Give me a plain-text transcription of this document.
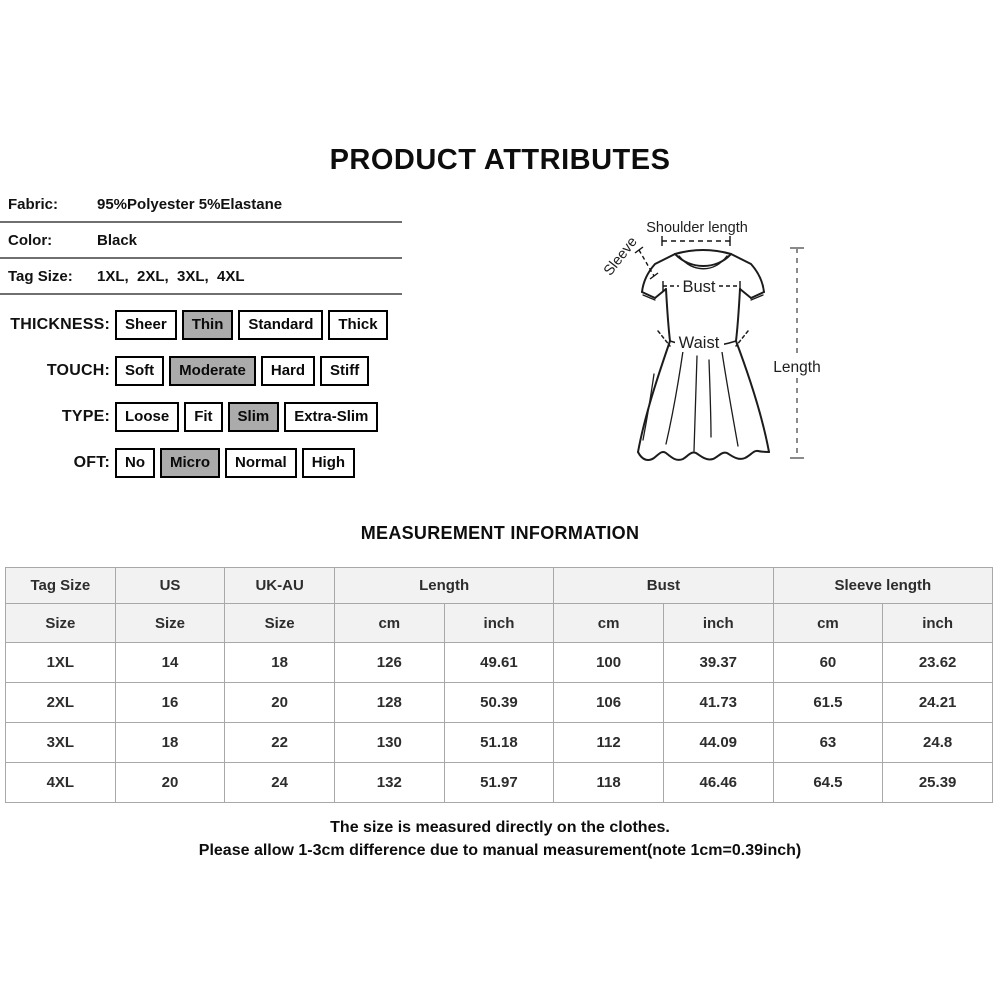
PRODUCT ATTRIBUTES
Fabric:	95%Polyester 5%Elastane
Color:	Black
Tag Size:	1XL,  2XL,  3XL,  4XL
THICKNESS:	Sheer	Thin	Standard	Thick
TOUCH:	Soft	Moderate	Hard	Stiff
TYPE:	Loose	Fit	Slim	Extra-Slim
OFT:	No	Micro	Normal	High
Shoulder length
Sleeve
Bust
Waist
Length
MEASUREMENT INFORMATION
Tag Size	US	UK-AU	Length		Bust		Sleeve length	
Size	Size	Size	cm	inch	cm	inch	cm	inch
1XL	14	18	126	49.61	100	39.37	60	23.62
2XL	16	20	128	50.39	106	41.73	61.5	24.21
3XL	18	22	130	51.18	112	44.09	63	24.8
4XL	20	24	132	51.97	118	46.46	64.5	25.39
The size is measured directly on the clothes.
Please allow 1-3cm difference due to manual measurement(note 1cm=0.39inch)
